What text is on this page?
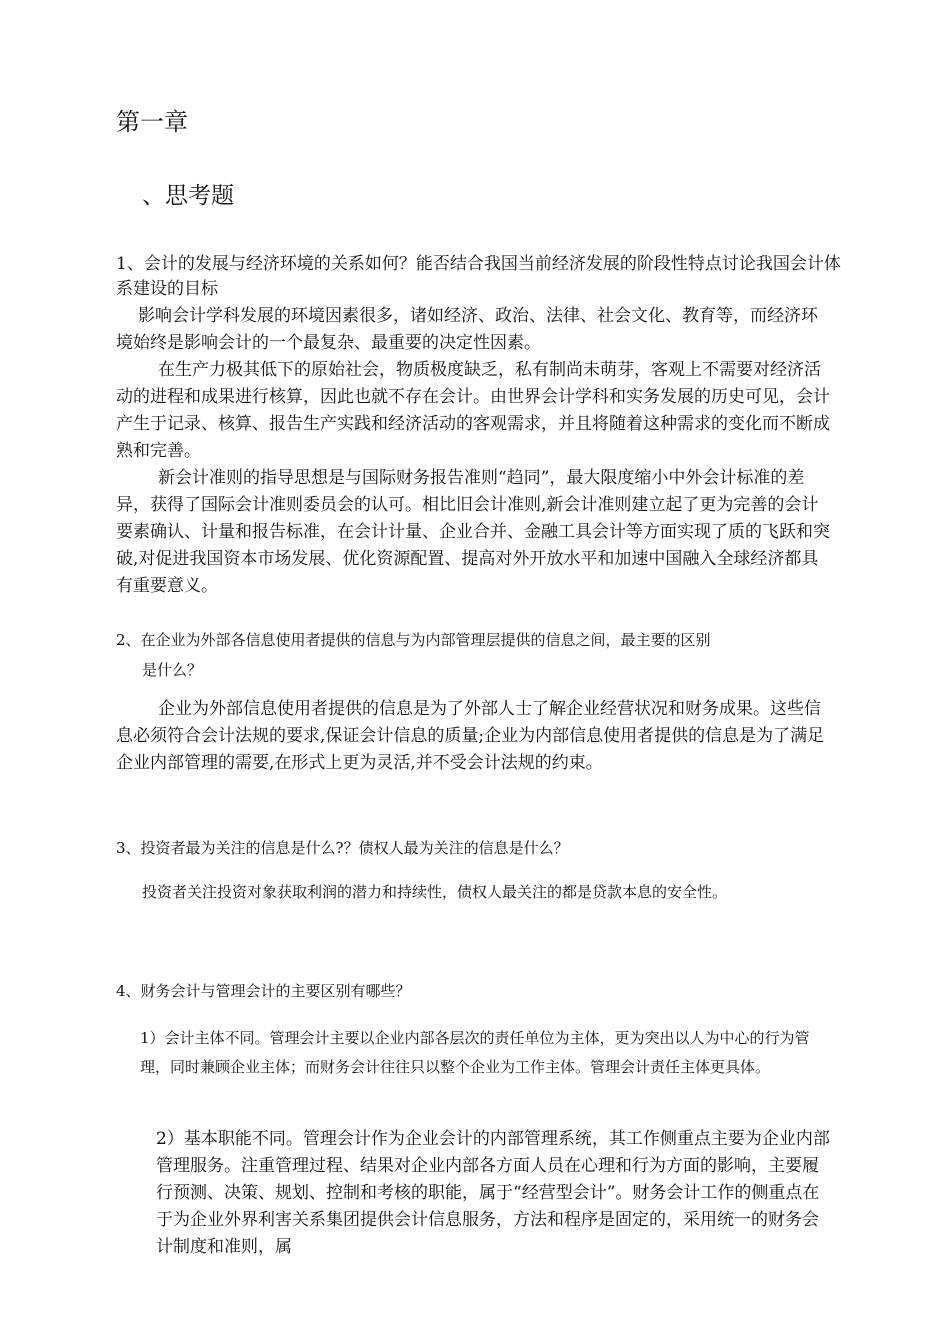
第一章
、思考题
1、会计的发展与经济环境的关系如何？能否结合我国当前经济发展的阶段性特点讨论我国会计体系建设的目标

影响会计学科发展的环境因素很多，诸如经济、政治、法律、社会文化、教育等，而经济环境始终是影响会计的一个最复杂、最重要的决定性因素。

在生产力极其低下的原始社会，物质极度缺乏，私有制尚未萌芽，客观上不需要对经济活动的进程和成果进行核算，因此也就不存在会计。由世界会计学科和实务发展的历史可见，会计产生于记录、核算、报告生产实践和经济活动的客观需求，并且将随着这种需求的变化而不断成熟和完善。

新会计准则的指导思想是与国际财务报告准则“趋同”，最大限度缩小中外会计标准的差异，获得了国际会计准则委员会的认可。相比旧会计准则,新会计准则建立起了更为完善的会计要素确认、计量和报告标准，在会计计量、企业合并、金融工具会计等方面实现了质的飞跃和突破,对促进我国资本市场发展、优化资源配置、提高对外开放水平和加速中国融入全球经济都具有重要意义。

2、在企业为外部各信息使用者提供的信息与为内部管理层提供的信息之间，最主要的区别
是什么？

企业为外部信息使用者提供的信息是为了外部人士了解企业经营状况和财务成果。这些信息必须符合会计法规的要求,保证会计信息的质量;企业为内部信息使用者提供的信息是为了满足企业内部管理的需要,在形式上更为灵活,并不受会计法规的约束。

3、投资者最为关注的信息是什么?？债权人最为关注的信息是什么？
投资者关注投资对象获取利润的潜力和持续性，债权人最关注的都是贷款本息的安全性。
4、财务会计与管理会计的主要区别有哪些？
1）会计主体不同。管理会计主要以企业内部各层次的责任单位为主体，更为突出以人为中心的行为管理，同时兼顾企业主体；而财务会计往往只以整个企业为工作主体。管理会计责任主体更具体。
2）基本职能不同。管理会计作为企业会计的内部管理系统，其工作侧重点主要为企业内部管理服务。注重管理过程、结果对企业内部各方面人员在心理和行为方面的影响，主要履行预测、决策、规划、控制和考核的职能，属于“经营型会计”。财务会计工作的侧重点在于为企业外界利害关系集团提供会计信息服务，方法和程序是固定的，采用统一的财务会计制度和准则，属
